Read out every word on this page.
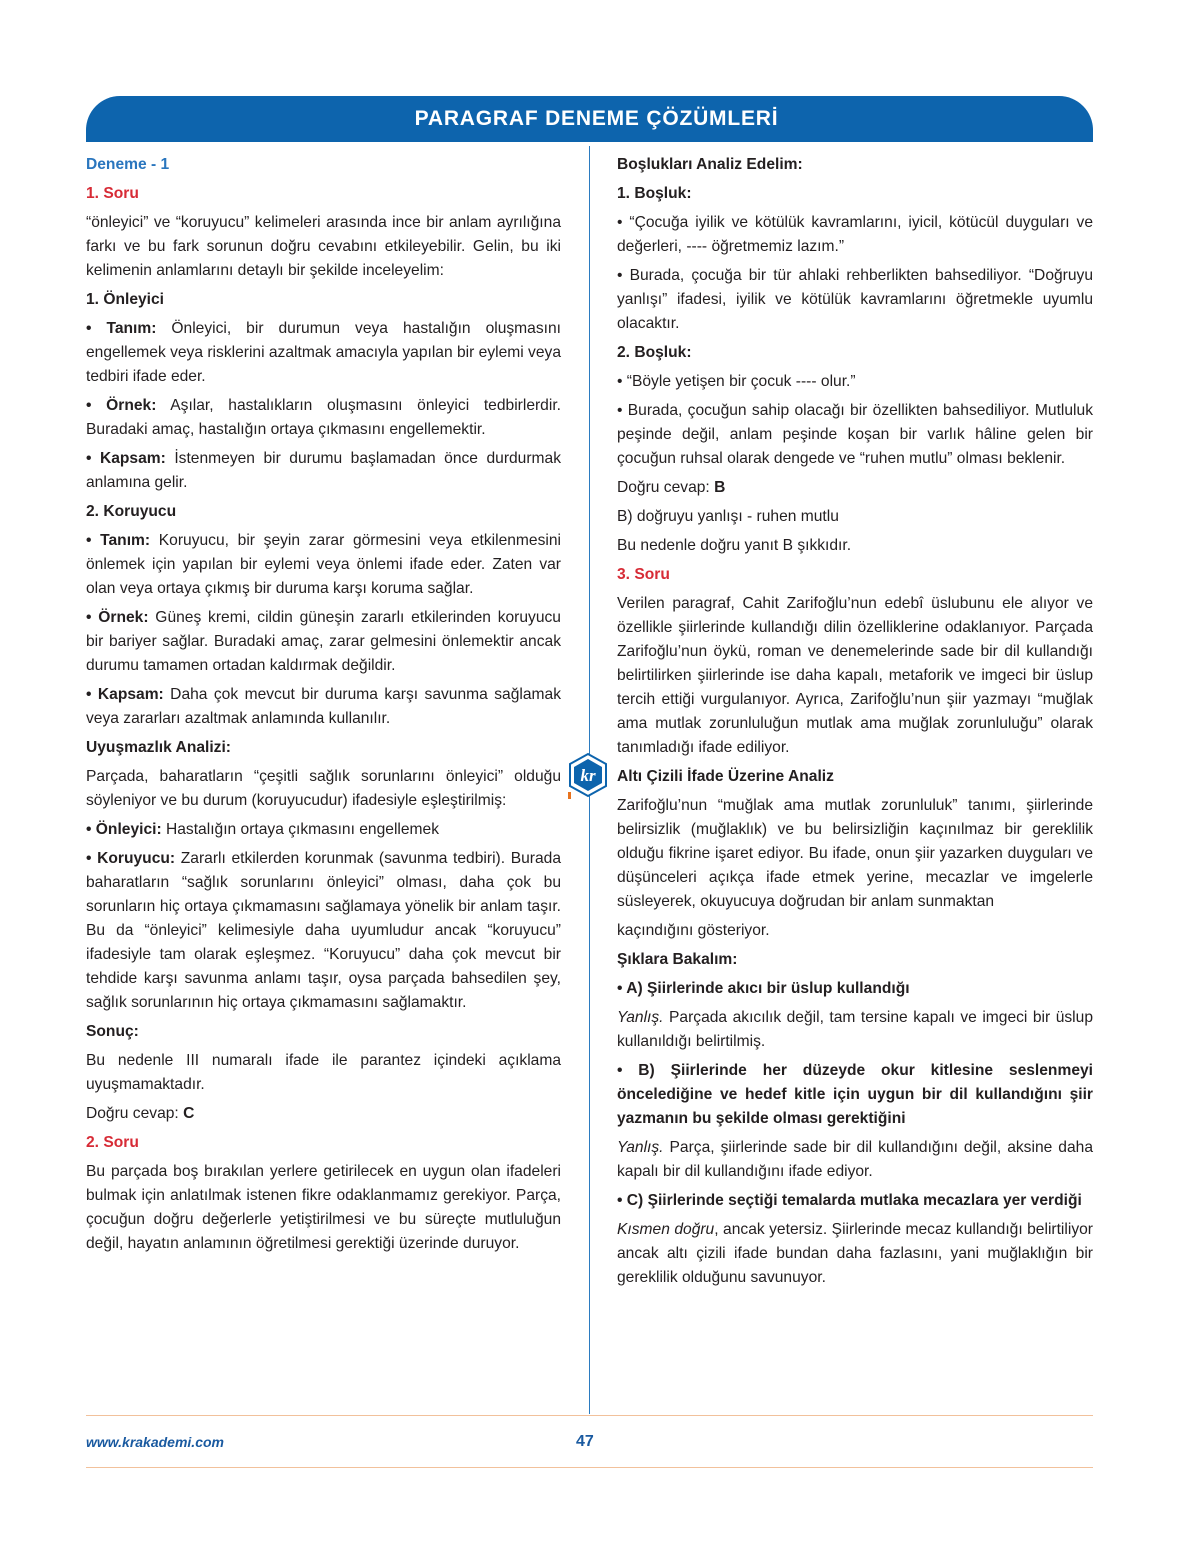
PARAGRAF DENEME ÇÖZÜMLERİ
Deneme - 1
1. Soru

“önleyici” ve “koruyucu” kelimeleri arasında ince bir anlam ayrılığına farkı ve bu fark sorunun doğru cevabını etkileyebilir. Gelin, bu iki kelimenin anlamlarını detaylı bir şekilde inceleyelim:

1. Önleyici

• Tanım: Önleyici, bir durumun veya hastalığın oluşmasını engellemek veya risklerini azaltmak amacıyla yapılan bir eylemi veya tedbiri ifade eder.

• Örnek: Aşılar, hastalıkların oluşmasını önleyici tedbirlerdir. Buradaki amaç, hastalığın ortaya çıkmasını engellemektir.

• Kapsam: İstenmeyen bir durumu başlamadan önce durdurmak anlamına gelir.

2. Koruyucu

• Tanım: Koruyucu, bir şeyin zarar görmesini veya etkilenmesini önlemek için yapılan bir eylemi veya önlemi ifade eder. Zaten var olan veya ortaya çıkmış bir duruma karşı koruma sağlar.

• Örnek: Güneş kremi, cildin güneşin zararlı etkilerinden koruyucu bir bariyer sağlar. Buradaki amaç, zarar gelmesini önlemektir ancak durumu tamamen ortadan kaldırmak değildir.

• Kapsam: Daha çok mevcut bir duruma karşı savunma sağlamak veya zararları azaltmak anlamında kullanılır.

Uyuşmazlık Analizi:

Parçada, baharatların “çeşitli sağlık sorunlarını önleyici” olduğu söyleniyor ve bu durum (koruyucudur) ifadesiyle eşleştirilmiş:

• Önleyici: Hastalığın ortaya çıkmasını engellemek

• Koruyucu: Zararlı etkilerden korunmak (savunma tedbiri). Burada baharatların “sağlık sorunlarını önleyici” olması, daha çok bu sorunların hiç ortaya çıkmamasını sağlamaya yönelik bir anlam taşır. Bu da “önleyici” kelimesiyle daha uyumludur ancak “koruyucu” ifadesiyle tam olarak eşleşmez. “Koruyucu” daha çok mevcut bir tehdide karşı savunma anlamı taşır, oysa parçada bahsedilen şey, sağlık sorunlarının hiç ortaya çıkmamasını sağlamaktır.

Sonuç:

Bu nedenle III numaralı ifade ile parantez içindeki açıklama uyuşmamaktadır.

Doğru cevap: C

2. Soru

Bu parçada boş bırakılan yerlere getirilecek en uygun olan ifadeleri bulmak için anlatılmak istenen fikre odaklanmamız gerekiyor. Parça, çocuğun doğru değerlerle yetiştirilmesi ve bu süreçte mutluluğun değil, hayatın anlamının öğretilmesi gerektiği üzerinde duruyor.

Boşlukları Analiz Edelim:
1. Boşluk:

• “Çocuğa iyilik ve kötülük kavramlarını, iyicil, kötücül duyguları ve değerleri, ---- öğretmemiz lazım.”

• Burada, çocuğa bir tür ahlaki rehberlikten bahsediliyor. “Doğruyu yanlışı” ifadesi, iyilik ve kötülük kavramlarını öğretmekle uyumlu olacaktır.

2. Boşluk:

• “Böyle yetişen bir çocuk ---- olur.”

• Burada, çocuğun sahip olacağı bir özellikten bahsediliyor. Mutluluk peşinde değil, anlam peşinde koşan bir varlık hâline gelen bir çocuğun ruhsal olarak dengede ve “ruhen mutlu” olması beklenir.

Doğru cevap: B

B) doğruyu yanlışı - ruhen mutlu

Bu nedenle doğru yanıt B şıkkıdır.

3. Soru

Verilen paragraf, Cahit Zarifoğlu’nun edebî üslubunu ele alıyor ve özellikle şiirlerinde kullandığı dilin özelliklerine odaklanıyor. Parçada Zarifoğlu’nun öykü, roman ve denemelerinde sade bir dil kullandığı belirtilirken şiirlerinde ise daha kapalı, metaforik ve imgeci bir üslup tercih ettiği vurgulanıyor. Ayrıca, Zarifoğlu’nun şiir yazmayı “muğlak ama mutlak zorunluluğun mutlak ama muğlak zorunluluğu” olarak tanımladığı ifade ediliyor.

Altı Çizili İfade Üzerine Analiz

Zarifoğlu’nun “muğlak ama mutlak zorunluluk” tanımı, şiirlerinde belirsizlik (muğlaklık) ve bu belirsizliğin kaçınılmaz bir gereklilik olduğu fikrine işaret ediyor. Bu ifade, onun şiir yazarken duyguları ve düşünceleri açıkça ifade etmek yerine, mecazlar ve imgelerle süsleyerek, okuyucuya doğrudan bir anlam sunmaktan

kaçındığını gösteriyor.

Şıklara Bakalım:
• A) Şiirlerinde akıcı bir üslup kullandığı

Yanlış. Parçada akıcılık değil, tam tersine kapalı ve imgeci bir üslup kullanıldığı belirtilmiş.

• B) Şiirlerinde her düzeyde okur kitlesine seslenmeyi öncelediğine ve hedef kitle için uygun bir dil kullandığını şiir yazmanın bu şekilde olması gerektiğini

Yanlış. Parça, şiirlerinde sade bir dil kullandığını değil, aksine daha kapalı bir dil kullandığını ifade ediyor.

• C) Şiirlerinde seçtiği temalarda mutlaka mecazlara yer verdiği

Kısmen doğru, ancak yetersiz. Şiirlerinde mecaz kullandığı belirtiliyor ancak altı çizili ifade bundan daha fazlasını, yani muğlaklığın bir gereklilik olduğunu savunuyor.

kr
www.krakademi.com	47
